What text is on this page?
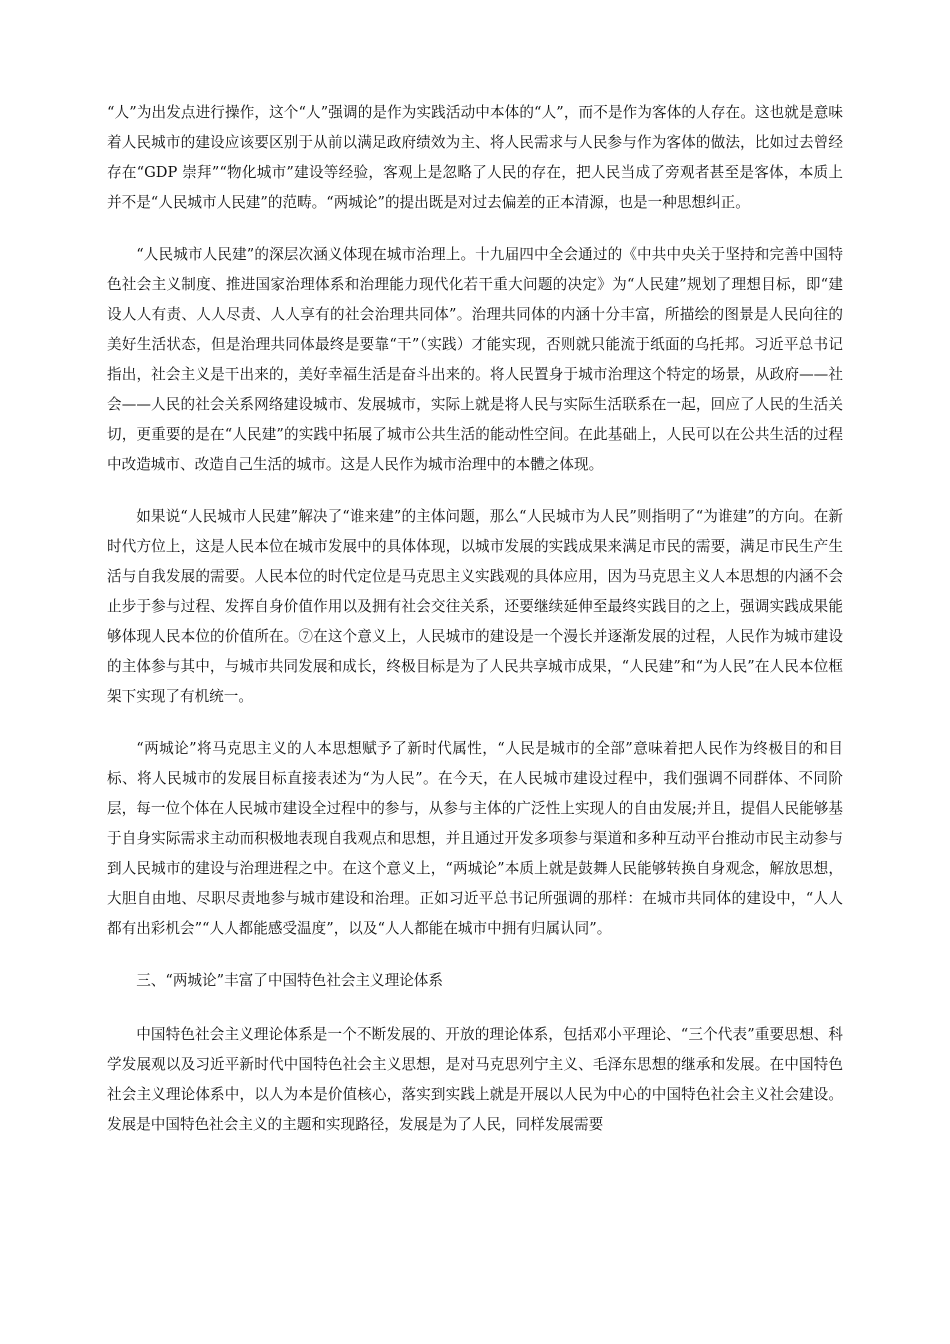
“人”为出发点进行操作，这个“人”强调的是作为实践活动中本体的“人”，而不是作为客体的人存在。这也就是意味着人民城市的建设应该要区别于从前以满足政府绩效为主、将人民需求与人民参与作为客体的做法，比如过去曾经存在“GDP 崇拜”“物化城市”建设等经验，客观上是忽略了人民的存在，把人民当成了旁观者甚至是客体，本质上并不是“人民城市人民建”的范畴。“两城论”的提出既是对过去偏差的正本清源，也是一种思想纠正。

“人民城市人民建”的深层次涵义体现在城市治理上。十九届四中全会通过的《中共中央关于坚持和完善中国特色社会主义制度、推进国家治理体系和治理能力现代化若干重大问题的决定》为“人民建”规划了理想目标，即“建设人人有责、人人尽责、人人享有的社会治理共同体”。治理共同体的内涵十分丰富，所描绘的图景是人民向往的美好生活状态，但是治理共同体最终是要靠“干”（实践）才能实现，否则就只能流于纸面的乌托邦。习近平总书记指出，社会主义是干出来的，美好幸福生活是奋斗出来的。将人民置身于城市治理这个特定的场景，从政府——社会——人民的社会关系网络建设城市、发展城市，实际上就是将人民与实际生活联系在一起，回应了人民的生活关切，更重要的是在“人民建”的实践中拓展了城市公共生活的能动性空间。在此基础上，人民可以在公共生活的过程中改造城市、改造自己生活的城市。这是人民作为城市治理中的本體之体现。

如果说“人民城市人民建”解决了“谁来建”的主体问题，那么“人民城市为人民”则指明了“为谁建”的方向。在新时代方位上，这是人民本位在城市发展中的具体体现，以城市发展的实践成果来满足市民的需要，满足市民生产生活与自我发展的需要。人民本位的时代定位是马克思主义实践观的具体应用，因为马克思主义人本思想的内涵不会止步于参与过程、发挥自身价值作用以及拥有社会交往关系，还要继续延伸至最终实践目的之上，强调实践成果能够体现人民本位的价值所在。⑦在这个意义上，人民城市的建设是一个漫长并逐渐发展的过程，人民作为城市建设的主体参与其中，与城市共同发展和成长，终极目标是为了人民共享城市成果，“人民建”和“为人民”在人民本位框架下实现了有机统一。

“两城论”将马克思主义的人本思想赋予了新时代属性，“人民是城市的全部”意味着把人民作为终极目的和目标、将人民城市的发展目标直接表述为“为人民”。在今天，在人民城市建设过程中，我们强调不同群体、不同阶层，每一位个体在人民城市建设全过程中的参与，从参与主体的广泛性上实现人的自由发展;并且，提倡人民能够基于自身实际需求主动而积极地表现自我观点和思想，并且通过开发多项参与渠道和多种互动平台推动市民主动参与到人民城市的建设与治理进程之中。在这个意义上，“两城论”本质上就是鼓舞人民能够转换自身观念，解放思想，大胆自由地、尽职尽责地参与城市建设和治理。正如习近平总书记所强调的那样：在城市共同体的建设中，“人人都有出彩机会”“人人都能感受温度”，以及“人人都能在城市中拥有归属认同”。

三、“两城论”丰富了中国特色社会主义理论体系

中国特色社会主义理论体系是一个不断发展的、开放的理论体系，包括邓小平理论、“三个代表”重要思想、科学发展观以及习近平新时代中国特色社会主义思想，是对马克思列宁主义、毛泽东思想的继承和发展。在中国特色社会主义理论体系中，以人为本是价值核心，落实到实践上就是开展以人民为中心的中国特色社会主义社会建设。发展是中国特色社会主义的主题和实现路径，发展是为了人民，同样发展需要
